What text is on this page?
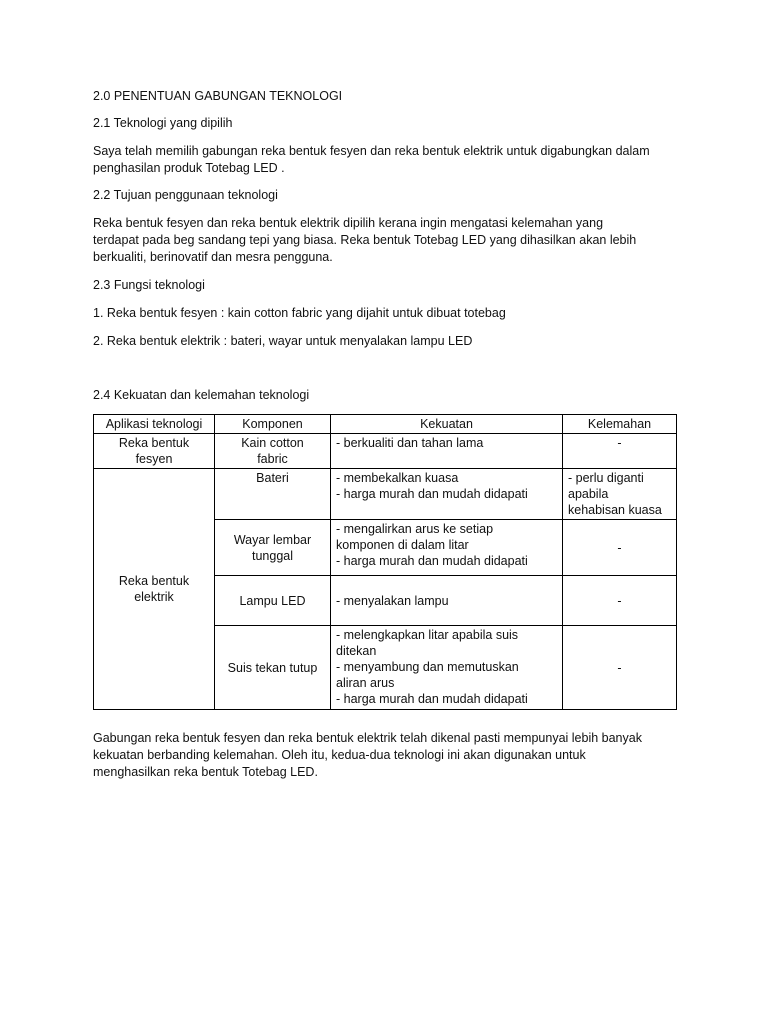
2.0 PENENTUAN GABUNGAN TEKNOLOGI

2.1 Teknologi yang dipilih

Saya telah memilih gabungan reka bentuk fesyen dan reka bentuk elektrik untuk digabungkan dalam
penghasilan produk Totebag LED .

2.2 Tujuan penggunaan teknologi

Reka bentuk fesyen dan reka bentuk elektrik dipilih kerana ingin mengatasi kelemahan yang
terdapat pada beg sandang tepi yang biasa. Reka bentuk Totebag LED yang dihasilkan akan lebih
berkualiti, berinovatif dan mesra pengguna.

2.3 Fungsi teknologi

1. Reka bentuk fesyen : kain cotton fabric yang dijahit untuk dibuat totebag

2. Reka bentuk elektrik : bateri, wayar untuk menyalakan lampu LED

2.4 Kekuatan dan kelemahan teknologi

Aplikasi teknologi	Komponen	Kekuatan	Kelemahan

Reka bentuk
fesyen	Kain cotton
fabric	- berkualiti dan tahan lama	-

Reka bentuk
elektrik	Bateri	- membekalkan kuasa
- harga murah dan mudah didapati	- perlu diganti
apabila
kehabisan kuasa

	Wayar lembar
tunggal	- mengalirkan arus ke setiap
komponen di dalam litar
- harga murah dan mudah didapati	-

	Lampu LED	- menyalakan lampu	-

	Suis tekan tutup	- melengkapkan litar apabila suis
ditekan
- menyambung dan memutuskan
aliran arus
- harga murah dan mudah didapati	-

Gabungan reka bentuk fesyen dan reka bentuk elektrik telah dikenal pasti mempunyai lebih banyak
kekuatan berbanding kelemahan. Oleh itu, kedua-dua teknologi ini akan digunakan untuk
menghasilkan reka bentuk Totebag LED.
